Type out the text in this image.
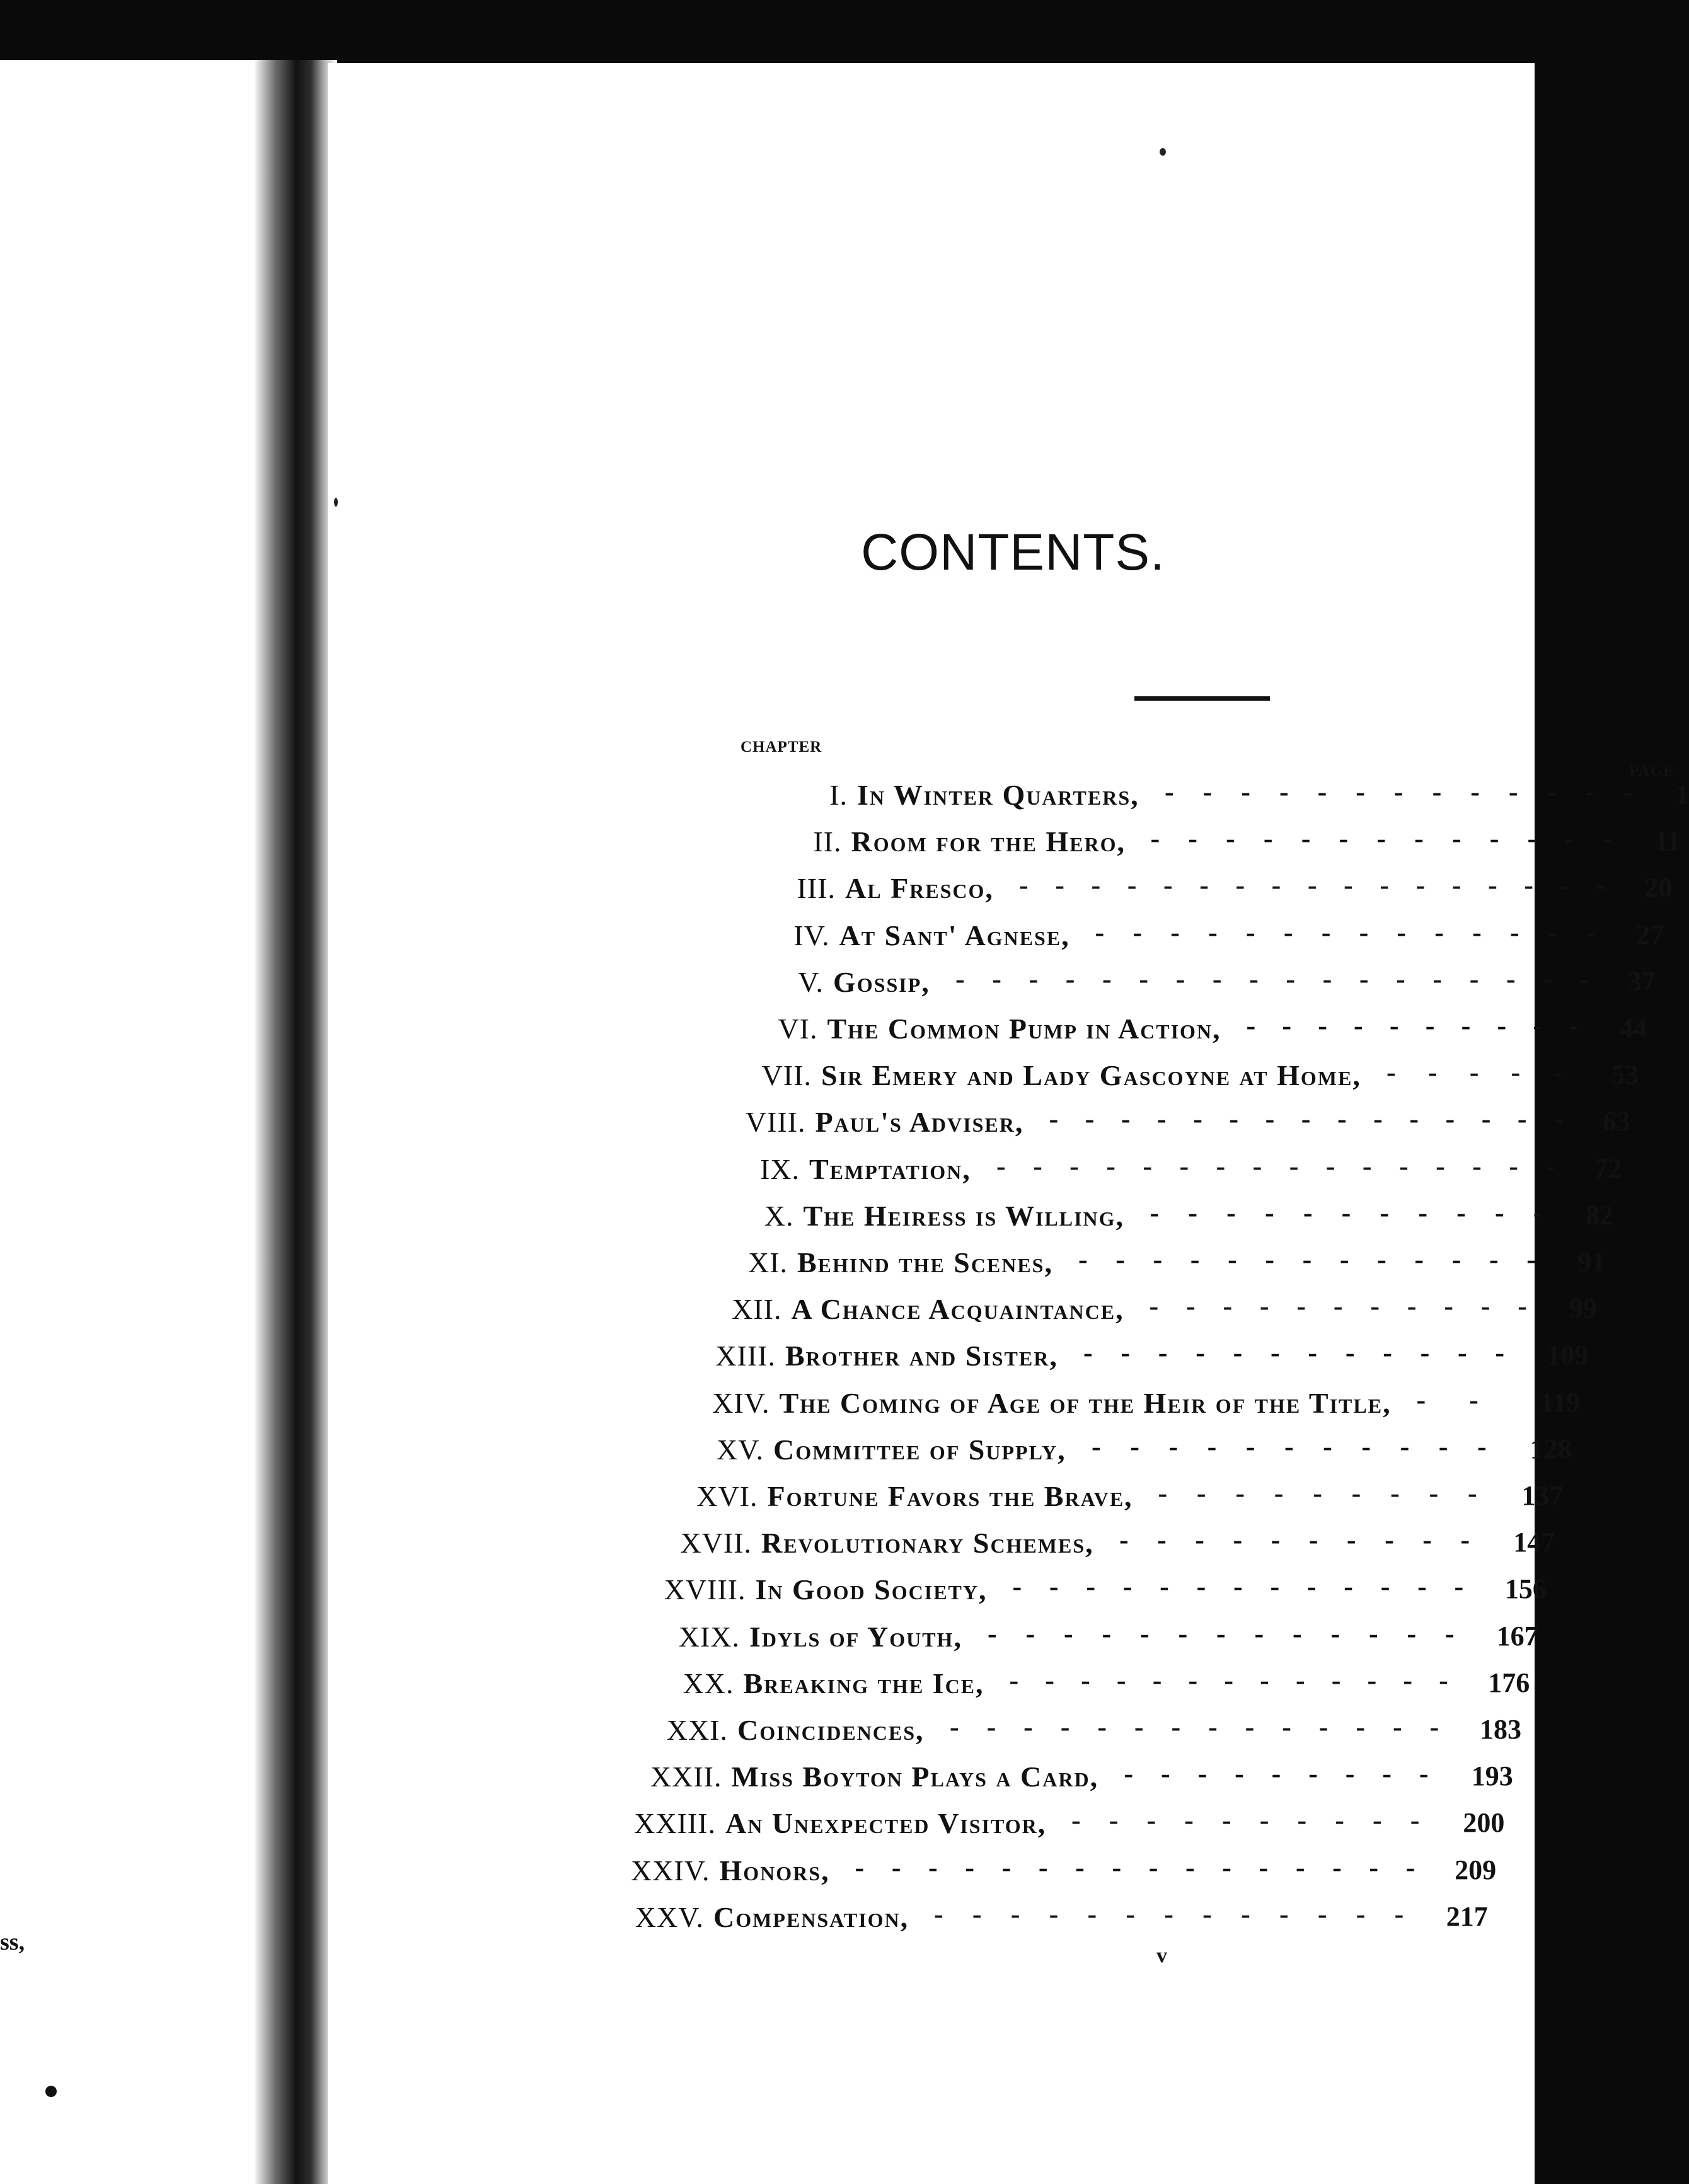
ss,
CONTENTS.
CHAPTER
PAGE
-------------
I. In Winter Quarters,	1
-------------
II. Room for the Hero,	11
-----------------
III. Al Fresco,	20
--------------
IV. At Sant' Agnese,	27
------------------
V. Gossip,	37
----------
VI. The Common Pump in Action,	44
-----
VII. Sir Emery and Lady Gascoyne at Home,	53
---------------
VIII. Paul's Adviser,	63
----------------
IX. Temptation,	72
-----------
X. The Heiress is Willing,	82
-------------
XI. Behind the Scenes,	91
-----------
XII. A Chance Acquaintance,	99
------------
XIII. Brother and Sister,	109
--
XIV. The Coming of Age of the Heir of the Title,	119
-----------
XV. Committee of Supply,	128
---------
XVI. Fortune Favors the Brave,	137
----------
XVII. Revolutionary Schemes,	147
-------------
XVIII. In Good Society,	156
-------------
XIX. Idyls of Youth,	167
-------------
XX. Breaking the Ice,	176
--------------
XXI. Coincidences,	183
---------
XXII. Miss Boyton Plays a Card,	193
----------
XXIII. An Unexpected Visitor,	200
----------------
XXIV. Honors,	209
-------------
XXV. Compensation,	217
v
